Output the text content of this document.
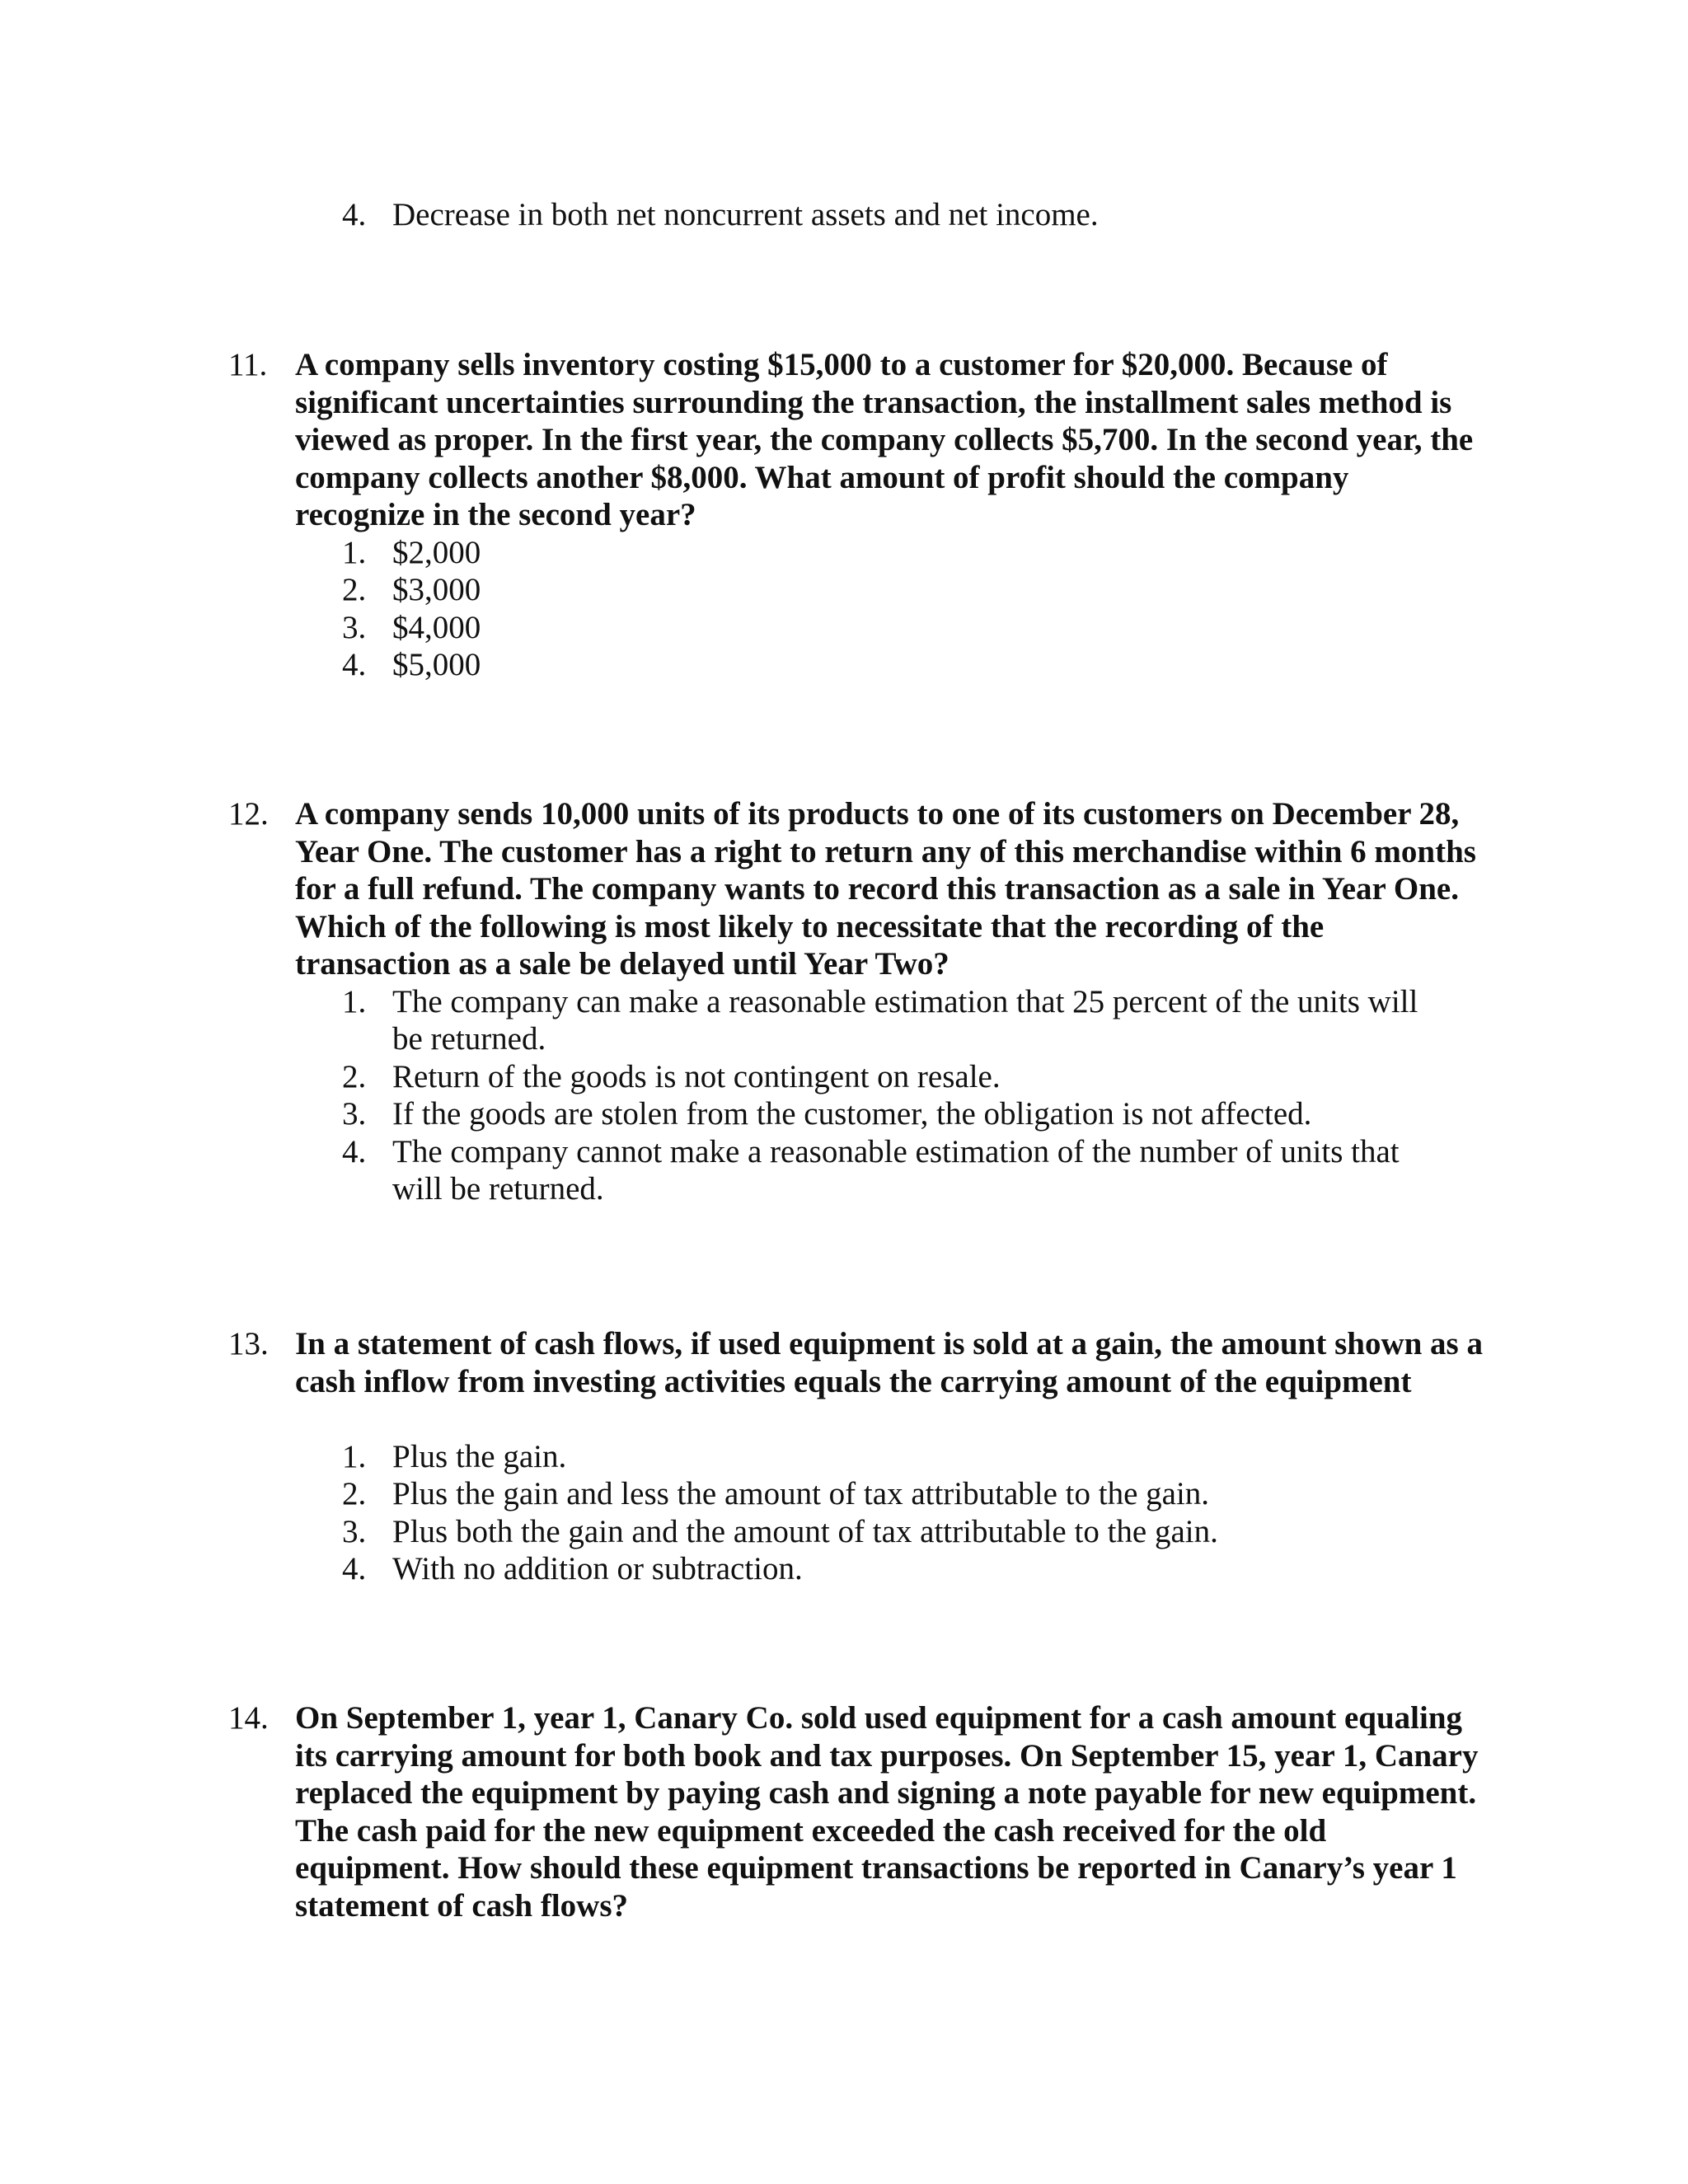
4. Decrease in both net noncurrent assets and net income.
11. A company sells inventory costing $15,000 to a customer for $20,000. Because of significant uncertainties surrounding the transaction, the installment sales method is viewed as proper. In the first year, the company collects $5,700. In the second year, the company collects another $8,000. What amount of profit should the company recognize in the second year?
1. $2,000
2. $3,000
3. $4,000
4. $5,000
12. A company sends 10,000 units of its products to one of its customers on December 28, Year One. The customer has a right to return any of this merchandise within 6 months for a full refund. The company wants to record this transaction as a sale in Year One. Which of the following is most likely to necessitate that the recording of the transaction as a sale be delayed until Year Two?
1. The company can make a reasonable estimation that 25 percent of the units will be returned.
2. Return of the goods is not contingent on resale.
3. If the goods are stolen from the customer, the obligation is not affected.
4. The company cannot make a reasonable estimation of the number of units that will be returned.
13. In a statement of cash flows, if used equipment is sold at a gain, the amount shown as a cash inflow from investing activities equals the carrying amount of the equipment
1. Plus the gain.
2. Plus the gain and less the amount of tax attributable to the gain.
3. Plus both the gain and the amount of tax attributable to the gain.
4. With no addition or subtraction.
14. On September 1, year 1, Canary Co. sold used equipment for a cash amount equaling its carrying amount for both book and tax purposes. On September 15, year 1, Canary replaced the equipment by paying cash and signing a note payable for new equipment. The cash paid for the new equipment exceeded the cash received for the old equipment. How should these equipment transactions be reported in Canary’s year 1 statement of cash flows?
